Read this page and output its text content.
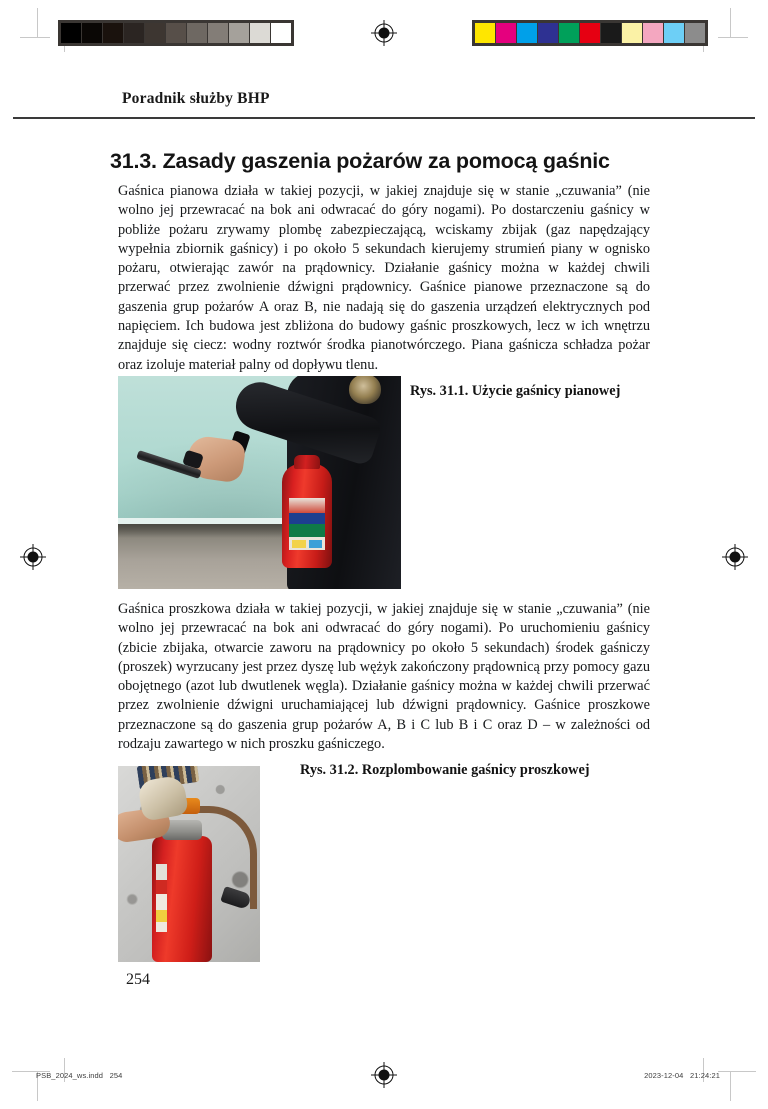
Poradnik służby BHP
31.3. Zasady gaszenia pożarów za pomocą gaśnic

Gaśnica pianowa działa w takiej pozycji, w jakiej znajduje się w stanie „czuwania” (nie wolno jej przewracać na bok ani odwracać do góry nogami). Po dostarczeniu gaśnicy w pobliże pożaru zrywamy plombę zabezpieczającą, wciskamy zbijak (gaz napędzający wypełnia zbiornik gaśnicy) i po około 5 sekundach kierujemy strumień piany w ognisko pożaru, otwierając zawór na prądownicy. Działanie gaśnicy można w każdej chwili przerwać przez zwolnienie dźwigni prądownicy. Gaśnice pianowe przeznaczone są do gaszenia grup pożarów A oraz B, nie nadają się do gaszenia urządzeń elektrycznych pod napięciem. Ich budowa jest zbliżona do budowy gaśnic proszkowych, lecz w ich wnętrzu znajduje się ciecz: wodny roztwór środka pianotwórczego. Piana gaśnicza schładza pożar oraz izoluje materiał palny od dopływu tlenu.

Gaśnica proszkowa działa w takiej pozycji, w jakiej znajduje się w stanie „czuwania” (nie wolno jej przewracać na bok ani odwracać do góry nogami). Po uruchomieniu gaśnicy (zbicie zbijaka, otwarcie zaworu na prądownicy po około 5 sekundach) środek gaśniczy (proszek) wyrzucany jest przez dyszę lub wężyk zakończony prądownicą przy pomocy gazu obojętnego (azot lub dwutlenek węgla). Działanie gaśnicy można w każdej chwili przerwać przez zwolnienie dźwigni uruchamiającej lub dźwigni prądownicy. Gaśnice proszkowe przeznaczone są do gaszenia grup pożarów A, B i C lub B i C oraz D – w zależności od rodzaju zawartego w nich proszku gaśniczego.

Rys. 31.1. Użycie gaśnicy pianowej
Rys. 31.2. Rozplombowanie gaśnicy proszkowej
254
PSB_2024_ws.indd   254	2023-12-04   21:24:21
